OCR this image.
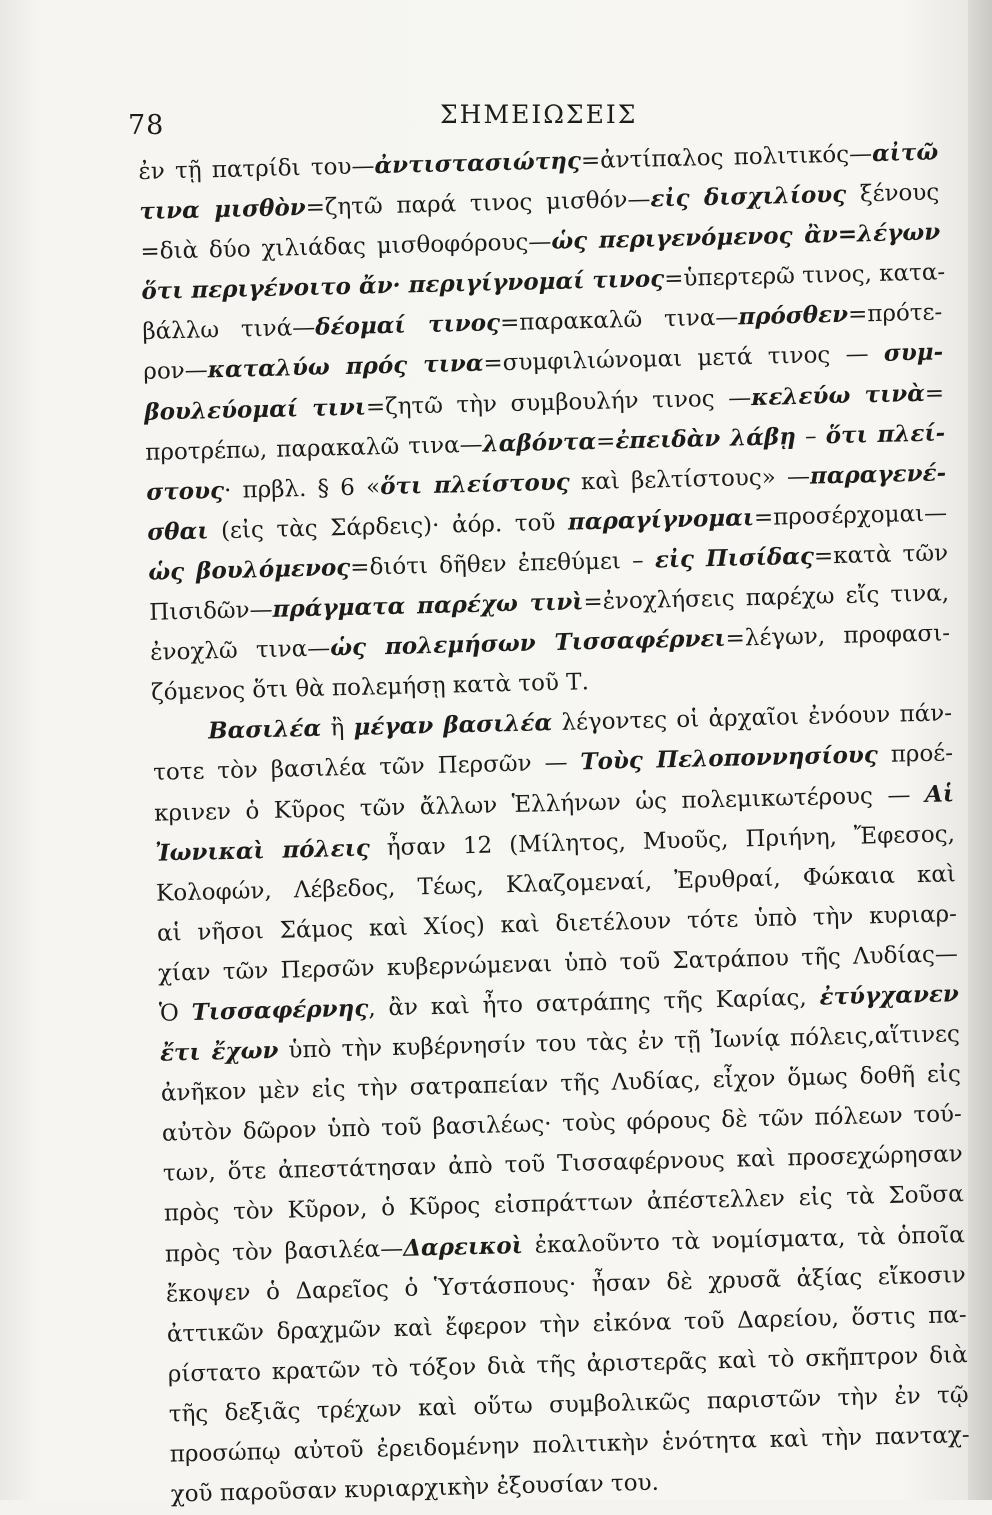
78	ΣΗΜΕΙΩΣΕΙΣ
ἐν τῇ πατρίδι του—ἀντιστασιώτης=ἀντίπαλος πολιτικός—αἰτῶ
τινα μισθὸν=ζητῶ παρά τινος μισθόν—εἰς δισχιλίους ξένους
=διὰ δύο χιλιάδας μισθοφόρους—ὡς περιγενόμενος ἂν=λέγων
ὅτι περιγένοιτο ἄν· περιγίγνομαί τινος=ὑπερτερῶ τινος, κατα-
βάλλω τινά—δέομαί τινος=παρακαλῶ τινα—πρόσθεν=πρότε-
ρον—καταλύω πρός τινα=συμφιλιώνομαι μετά τινος — συμ-
βουλεύομαί τινι=ζητῶ τὴν συμβουλήν τινος —κελεύω τινὰ=
προτρέπω, παρακαλῶ τινα—λαβόντα=ἐπειδὰν λάβῃ – ὅτι πλεί-
στους· πρβλ. § 6 «ὅτι πλείστους καὶ βελτίστους» —παραγενέ-
σθαι (εἰς τὰς Σάρδεις)· ἀόρ. τοῦ παραγίγνομαι=προσέρχομαι—
ὡς βουλόμενος=διότι δῆθεν ἐπεθύμει – εἰς Πισίδας=κατὰ τῶν
Πισιδῶν—πράγματα παρέχω τινὶ=ἐνοχλήσεις παρέχω εἴς τινα,
ἐνοχλῶ τινα—ὡς πολεμήσων Τισσαφέρνει=λέγων, προφασι-
ζόμενος ὅτι θὰ πολεμήσῃ κατὰ τοῦ Τ.
Βασιλέα ἢ μέγαν βασιλέα λέγοντες οἱ ἀρχαῖοι ἐνόουν πάν-
τοτε τὸν βασιλέα τῶν Περσῶν — Τοὺς Πελοποννησίους προέ-
κρινεν ὁ Κῦρος τῶν ἄλλων Ἑλλήνων ὡς πολεμικωτέρους — Αἱ
Ἰωνικαὶ πόλεις ἦσαν 12 (Μίλητος, Μυοῦς, Πριήνη, Ἔφεσος,
Κολοφών, Λέβεδος, Τέως, Κλαζομεναί, Ἐρυθραί, Φώκαια καὶ
αἱ νῆσοι Σάμος καὶ Χίος) καὶ διετέλουν τότε ὑπὸ τὴν κυριαρ-
χίαν τῶν Περσῶν κυβερνώμεναι ὑπὸ τοῦ Σατράπου τῆς Λυδίας—
Ὁ Τισσαφέρνης, ἂν καὶ ἦτο σατράπης τῆς Καρίας, ἐτύγχανεν
ἔτι ἔχων ὑπὸ τὴν κυβέρνησίν του τὰς ἐν τῇ Ἰωνίᾳ πόλεις,αἵτινες
ἀνῆκον μὲν εἰς τὴν σατραπείαν τῆς Λυδίας, εἶχον ὅμως δοθῆ εἰς
αὐτὸν δῶρον ὑπὸ τοῦ βασιλέως· τοὺς φόρους δὲ τῶν πόλεων τού-
των, ὅτε ἀπεστάτησαν ἀπὸ τοῦ Τισσαφέρνους καὶ προσεχώρησαν
πρὸς τὸν Κῦρον, ὁ Κῦρος εἰσπράττων ἀπέστελλεν εἰς τὰ Σοῦσα
πρὸς τὸν βασιλέα—Δαρεικοὶ ἐκαλοῦντο τὰ νομίσματα, τὰ ὁποῖα
ἔκοψεν ὁ Δαρεῖος ὁ Ὑστάσπους· ἦσαν δὲ χρυσᾶ ἀξίας εἴκοσιν
ἀττικῶν δραχμῶν καὶ ἔφερον τὴν εἰκόνα τοῦ Δαρείου, ὅστις πα-
ρίστατο κρατῶν τὸ τόξον διὰ τῆς ἀριστερᾶς καὶ τὸ σκῆπτρον διὰ
τῆς δεξιᾶς τρέχων καὶ οὕτω συμβολικῶς παριστῶν τὴν ἐν τῷ
προσώπῳ αὐτοῦ ἐρειδομένην πολιτικὴν ἑνότητα καὶ τὴν πανταχ-
χοῦ παροῦσαν κυριαρχικὴν ἐξουσίαν του.
